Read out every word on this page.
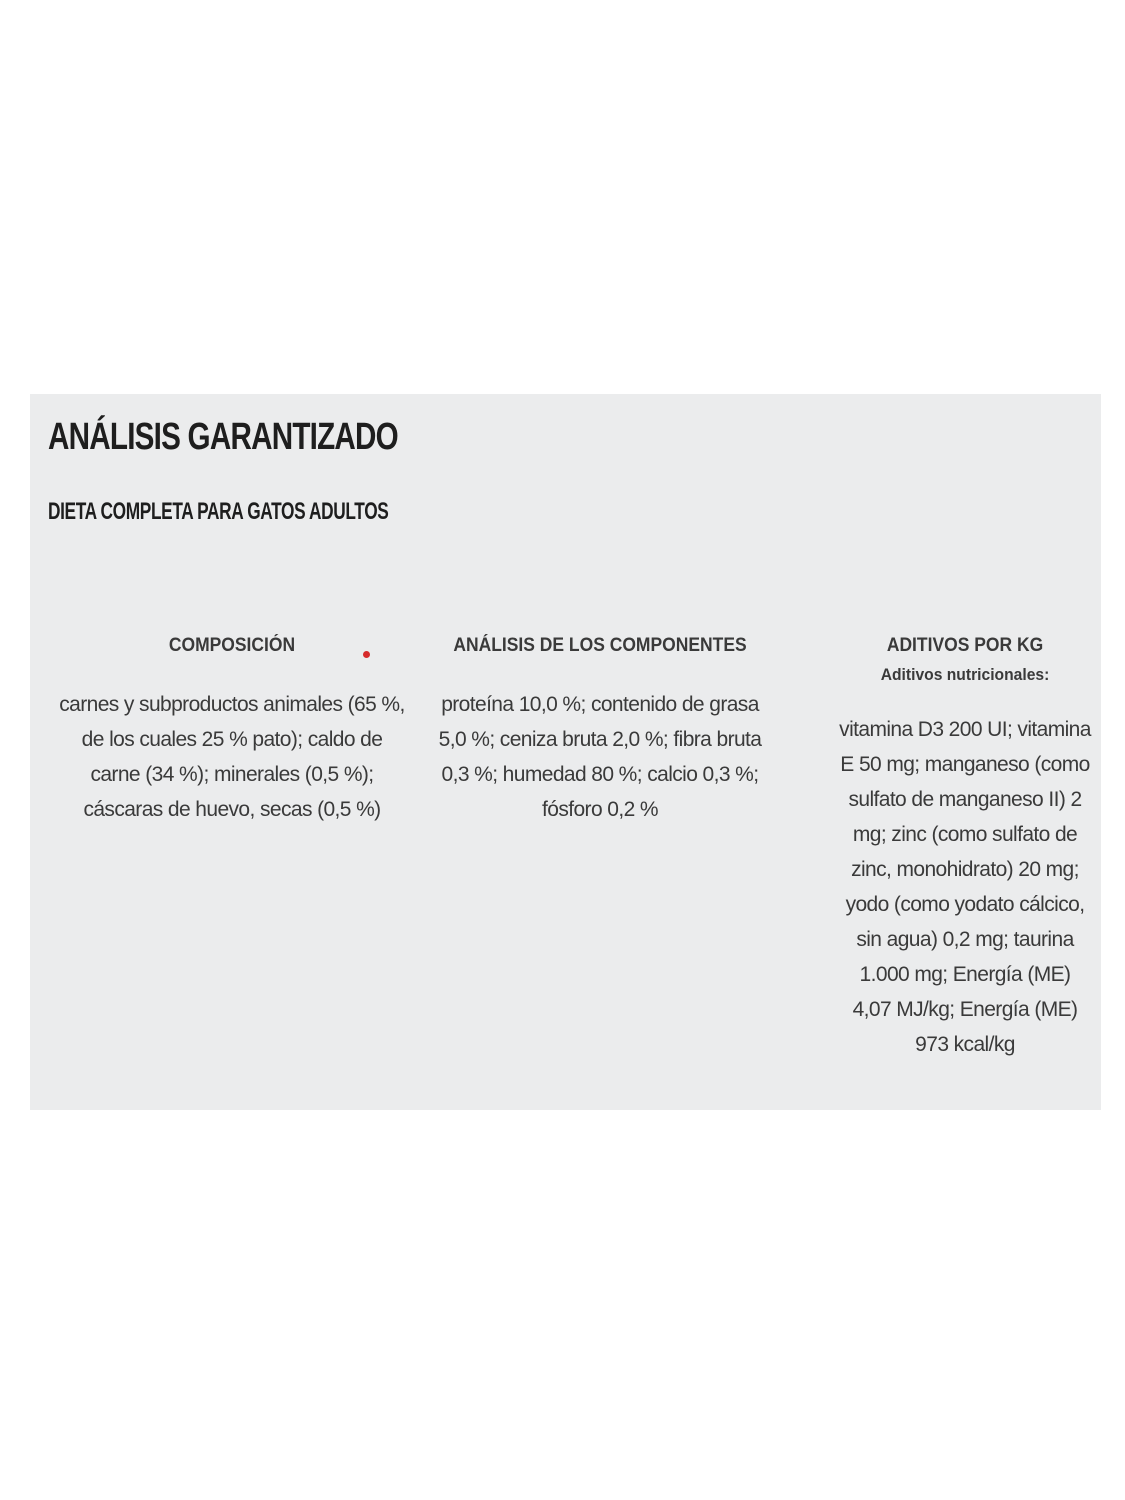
ANÁLISIS GARANTIZADO
DIETA COMPLETA PARA GATOS ADULTOS

COMPOSICIÓN

carnes y subproductos animales (65 %, de los cuales 25 % pato); caldo de carne (34 %); minerales (0,5 %); cáscaras de huevo, secas (0,5 %)

ANÁLISIS DE LOS COMPONENTES

proteína 10,0 %; contenido de grasa 5,0 %; ceniza bruta 2,0 %; fibra bruta 0,3 %; humedad 80 %; calcio 0,3 %; fósforo 0,2 %

ADITIVOS POR KG

Aditivos nutricionales:

vitamina D3 200 UI; vitamina E 50 mg; manganeso (como sulfato de manganeso II) 2 mg; zinc (como sulfato de zinc, monohidrato) 20 mg; yodo (como yodato cálcico, sin agua) 0,2 mg; taurina 1.000 mg; Energía (ME) 4,07 MJ/kg; Energía (ME) 973 kcal/kg
